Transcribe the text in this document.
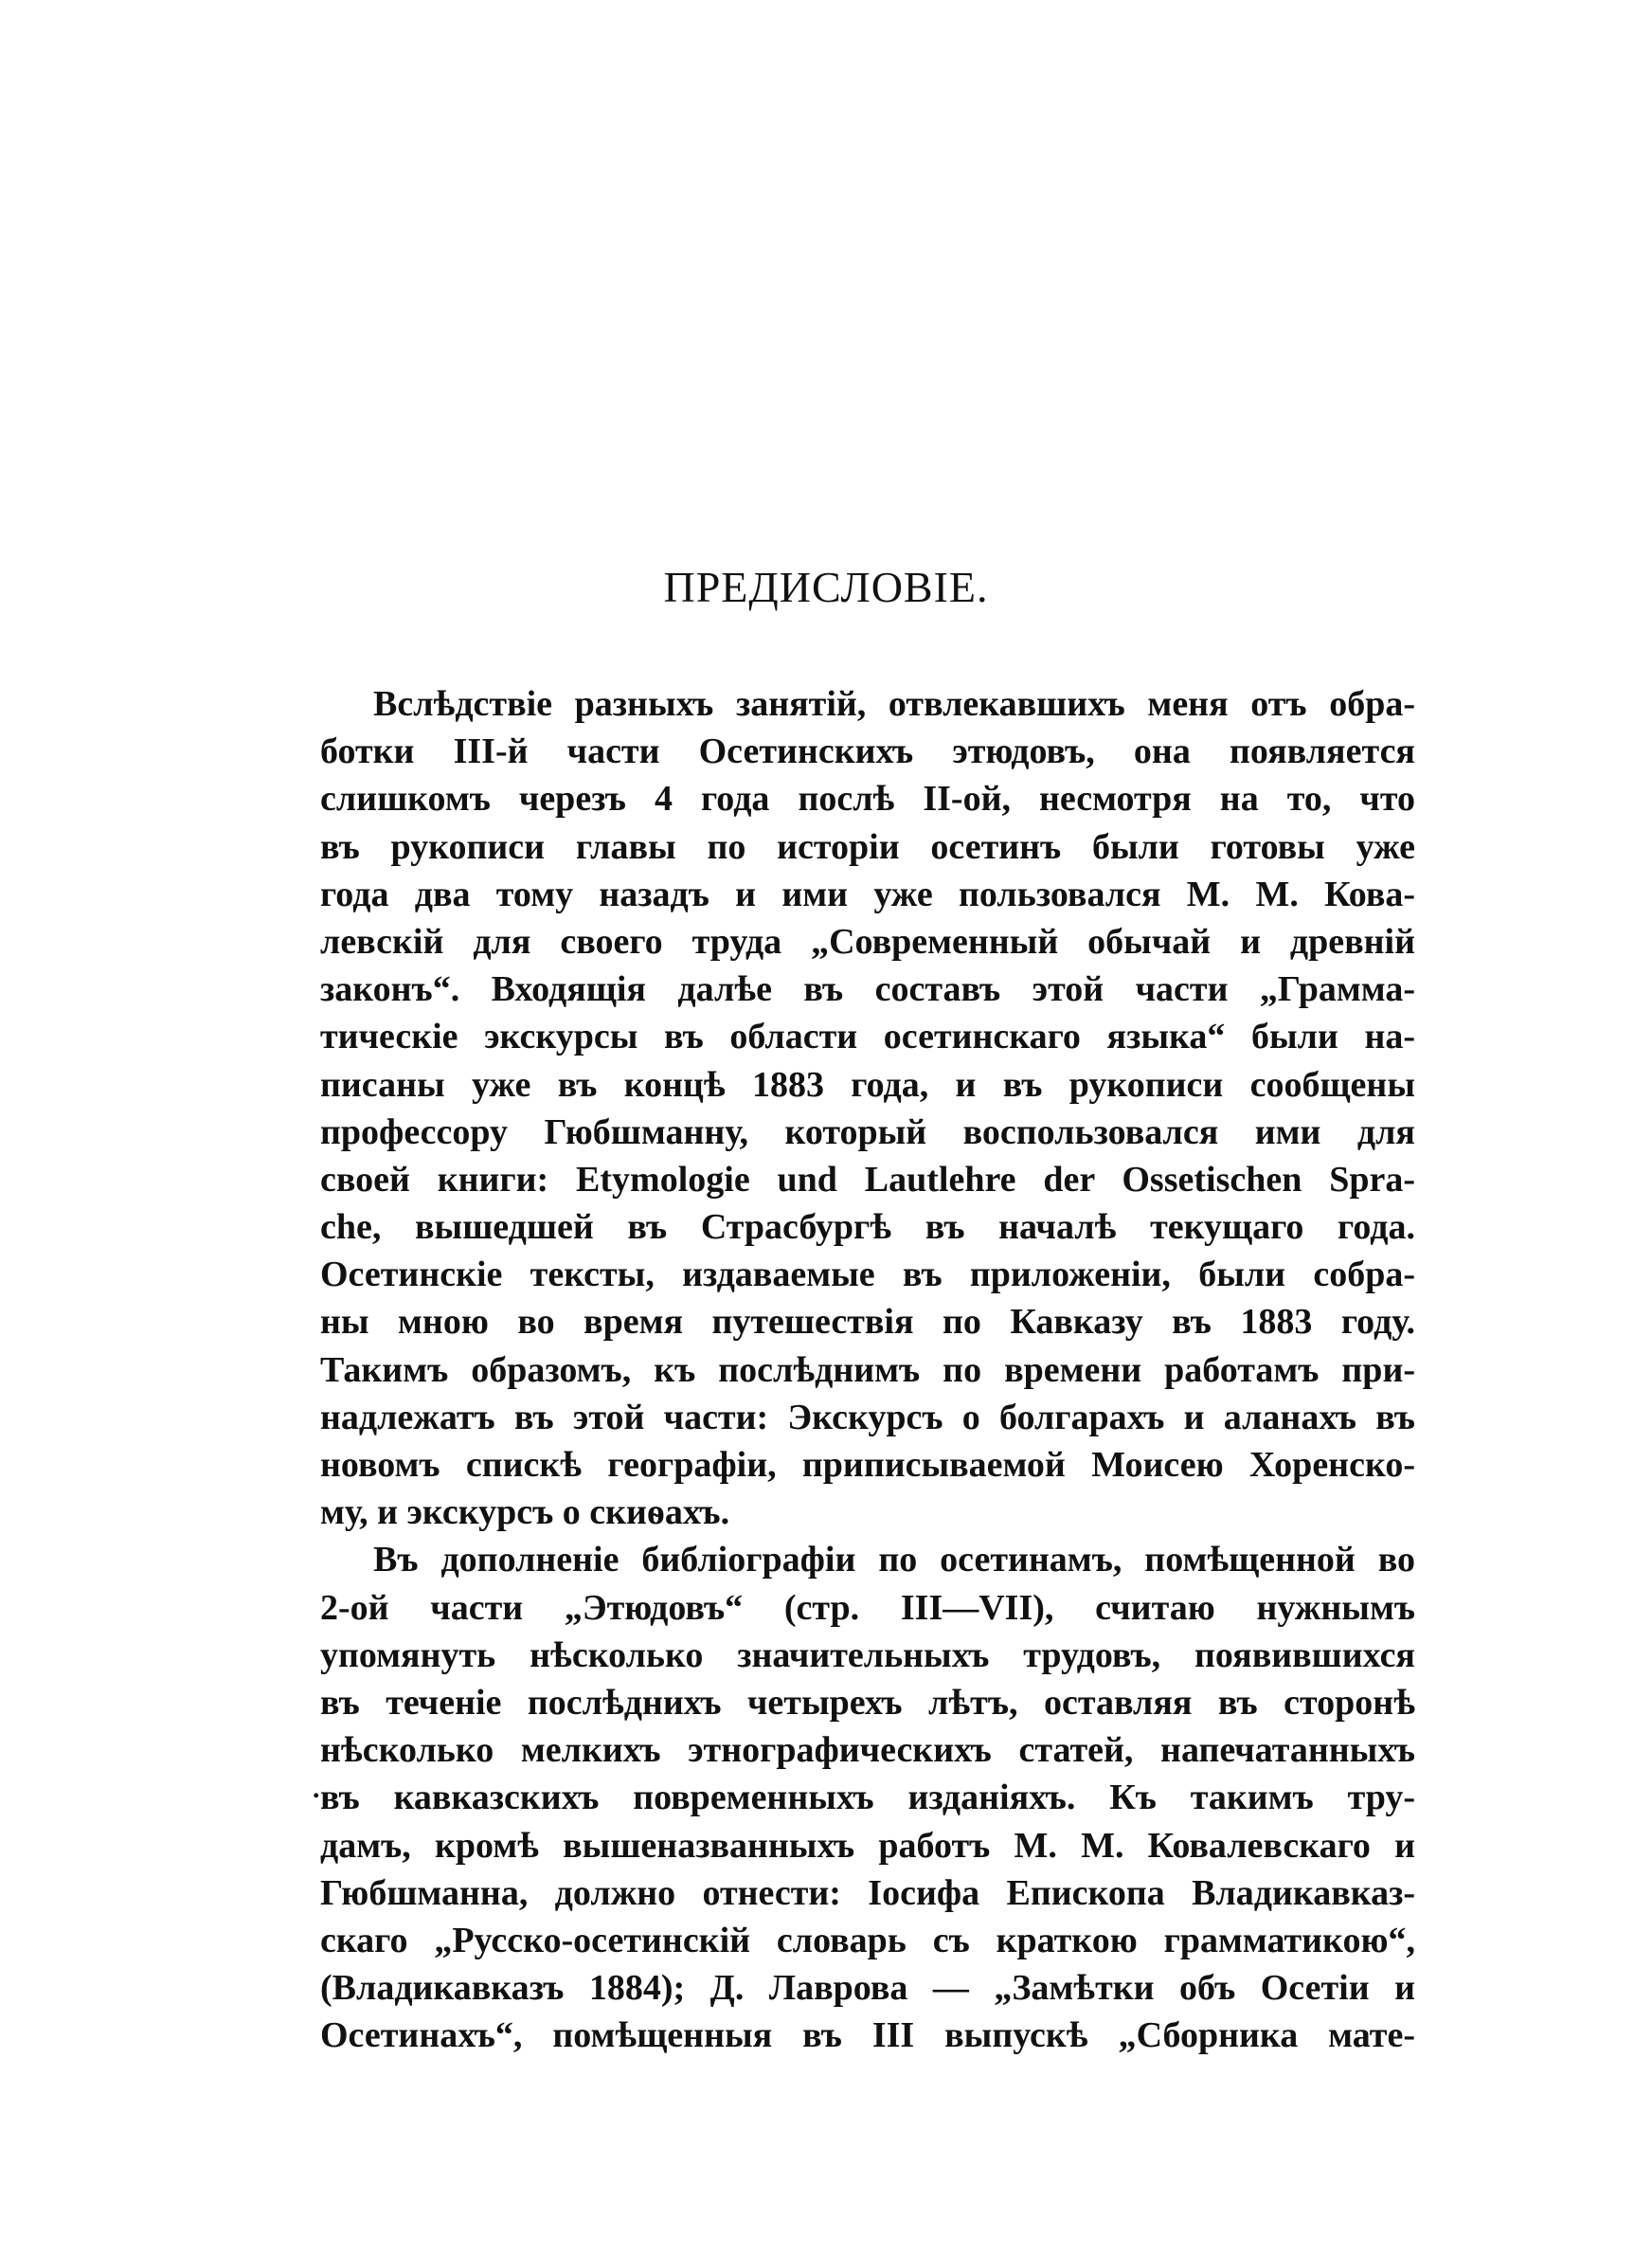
ПРЕДИСЛОВІЕ.
Вслѣдствіе разныхъ занятій, отвлекавшихъ меня отъ обра-
ботки III-й части Осетинскихъ этюдовъ, она появляется
слишкомъ черезъ 4 года послѣ II-ой, несмотря на то, что
въ рукописи главы по исторіи осетинъ были готовы уже
года два тому назадъ и ими уже пользовался М. М. Кова-
левскій для своего труда „Современный обычай и древній
законъ“. Входящія далѣе въ составъ этой части „Грамма-
тическіе экскурсы въ области осетинскаго языка“ были на-
писаны уже въ концѣ 1883 года, и въ рукописи сообщены
профессору Гюбшманну, который воспользовался ими для
своей книги: Etymologie und Lautlehre der Ossetischen Spra-
che, вышедшей въ Страсбургѣ въ началѣ текущаго года.
Осетинскіе тексты, издаваемые въ приложеніи, были собра-
ны мною во время путешествія по Кавказу въ 1883 году.
Такимъ образомъ, къ послѣднимъ по времени работамъ при-
надлежатъ въ этой части: Экскурсъ о болгарахъ и аланахъ въ
новомъ спискѣ географіи, приписываемой Моисею Хоренско-
му, и экскурсъ о скиѳахъ.
Въ дополненіе библіографіи по осетинамъ, помѣщенной во
2-ой части „Этюдовъ“ (стр. III—VII), считаю нужнымъ
упомянуть нѣсколько значительныхъ трудовъ, появившихся
въ теченіе послѣднихъ четырехъ лѣтъ, оставляя въ сторонѣ
нѣсколько мелкихъ этнографическихъ статей, напечатанныхъ
въ кавказскихъ повременныхъ изданіяхъ. Къ такимъ тру-
дамъ, кромѣ вышеназванныхъ работъ М. М. Ковалевскаго и
Гюбшманна, должно отнести: Іосифа Епископа Владикавказ-
скаго „Русско-осетинскій словарь съ краткою грамматикою“,
(Владикавказъ 1884); Д. Лаврова — „Замѣтки объ Осетіи и
Осетинахъ“, помѣщенныя въ III выпускѣ „Сборника мате-
.
